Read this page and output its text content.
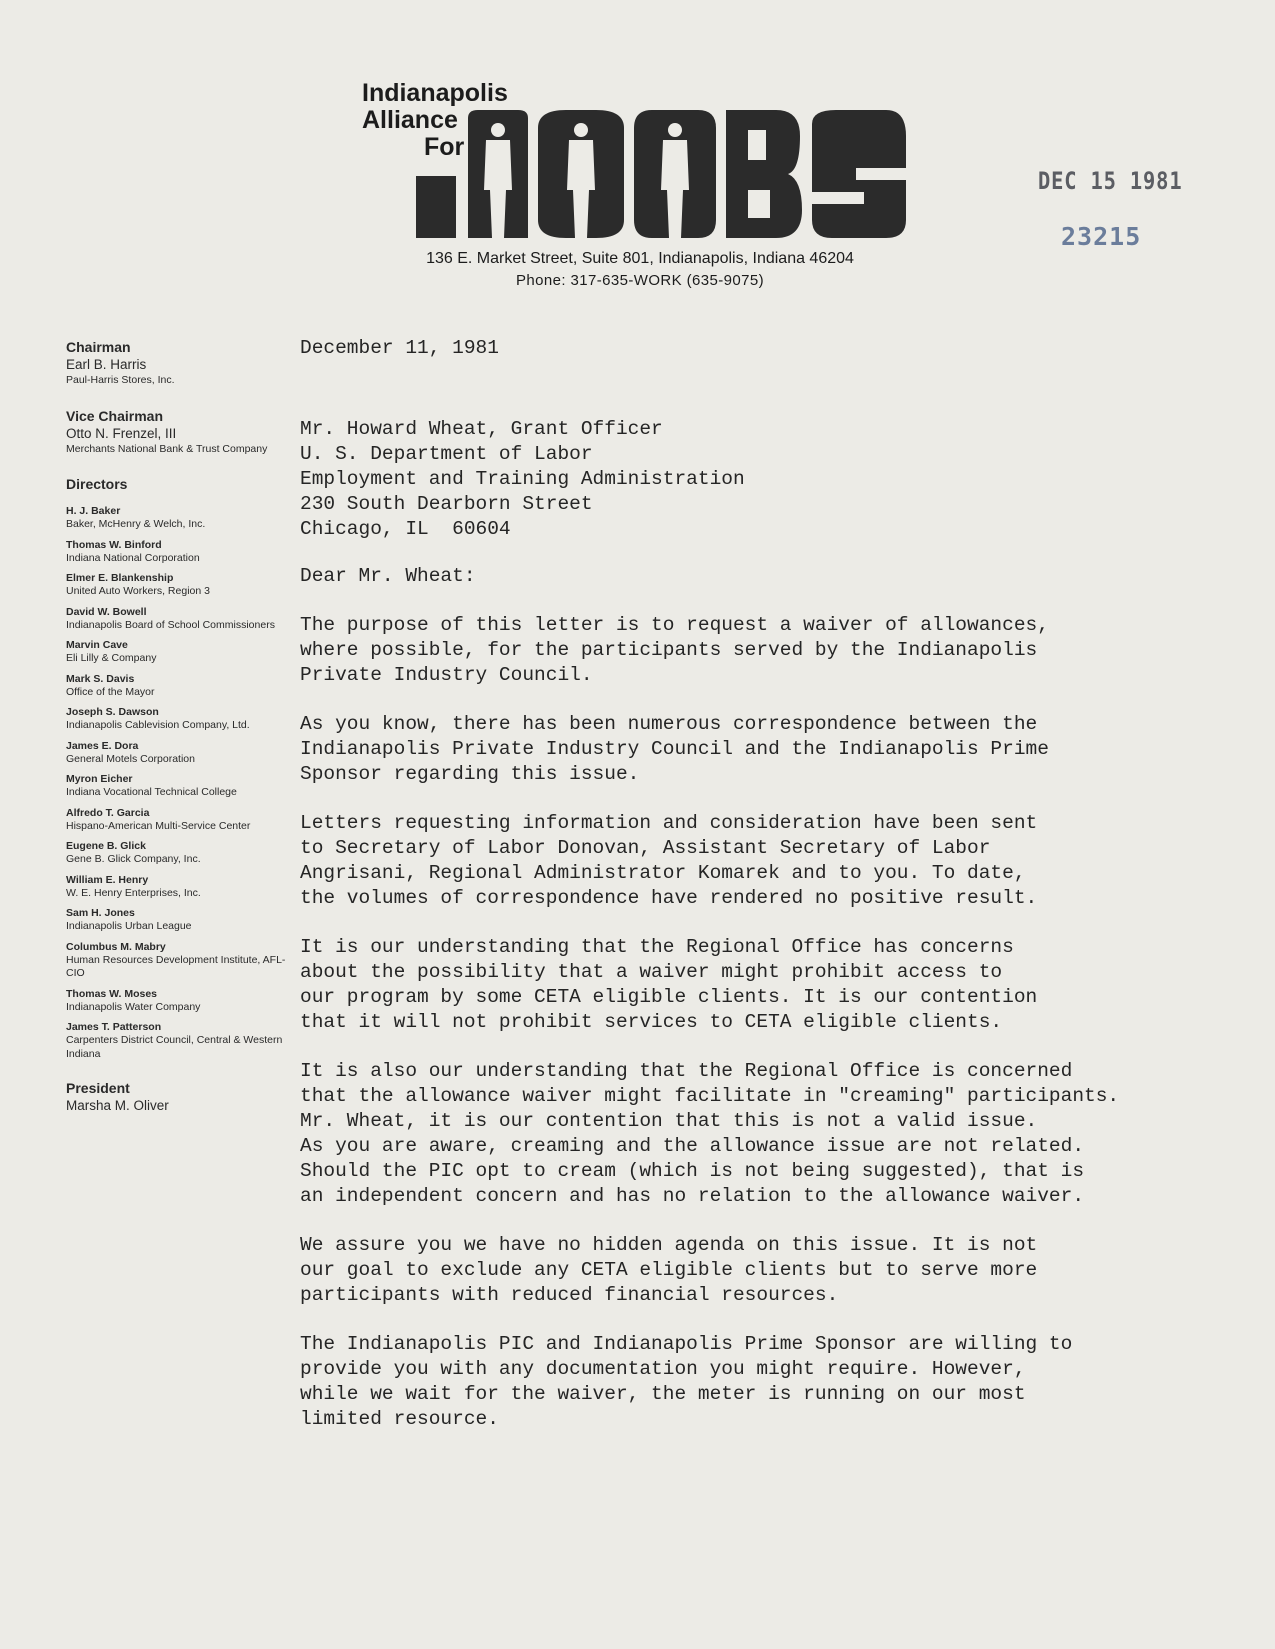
Indianapolis
Alliance
For
136 E. Market Street, Suite 801, Indianapolis, Indiana 46204
Phone: 317-635-WORK (635-9075)
DEC 15 1981
23215

Chairman

Earl B. Harris

Paul-Harris Stores, Inc.

Vice Chairman

Otto N. Frenzel, III

Merchants National Bank & Trust Company

Directors

H. J. Baker
Baker, McHenry & Welch, Inc.
Thomas W. Binford
Indiana National Corporation
Elmer E. Blankenship
United Auto Workers, Region 3
David W. Bowell
Indianapolis Board of School Commissioners
Marvin Cave
Eli Lilly & Company
Mark S. Davis
Office of the Mayor
Joseph S. Dawson
Indianapolis Cablevision Company, Ltd.
James E. Dora
General Motels Corporation
Myron Eicher
Indiana Vocational Technical College
Alfredo T. Garcia
Hispano-American Multi-Service Center
Eugene B. Glick
Gene B. Glick Company, Inc.
William E. Henry
W. E. Henry Enterprises, Inc.
Sam H. Jones
Indianapolis Urban League
Columbus M. Mabry
Human Resources Development Institute, AFL-CIO
Thomas W. Moses
Indianapolis Water Company
James T. Patterson
Carpenters District Council, Central & Western Indiana

President

Marsha M. Oliver

December 11, 1981

Mr. Howard Wheat, Grant Officer

U. S. Department of Labor

Employment and Training Administration

230 South Dearborn Street

Chicago, IL  60604

Dear Mr. Wheat:

The purpose of this letter is to request a waiver of allowances,
where possible, for the participants served by the Indianapolis
Private Industry Council.

As you know, there has been numerous correspondence between the
Indianapolis Private Industry Council and the Indianapolis Prime
Sponsor regarding this issue.

Letters requesting information and consideration have been sent
to Secretary of Labor Donovan, Assistant Secretary of Labor
Angrisani, Regional Administrator Komarek and to you. To date,
the volumes of correspondence have rendered no positive result.

It is our understanding that the Regional Office has concerns
about the possibility that a waiver might prohibit access to
our program by some CETA eligible clients. It is our contention
that it will not prohibit services to CETA eligible clients.

It is also our understanding that the Regional Office is concerned
that the allowance waiver might facilitate in "creaming" participants.
Mr. Wheat, it is our contention that this is not a valid issue.
As you are aware, creaming and the allowance issue are not related.
Should the PIC opt to cream (which is not being suggested), that is
an independent concern and has no relation to the allowance waiver.

We assure you we have no hidden agenda on this issue. It is not
our goal to exclude any CETA eligible clients but to serve more
participants with reduced financial resources.

The Indianapolis PIC and Indianapolis Prime Sponsor are willing to
provide you with any documentation you might require. However,
while we wait for the waiver, the meter is running on our most
limited resource.
